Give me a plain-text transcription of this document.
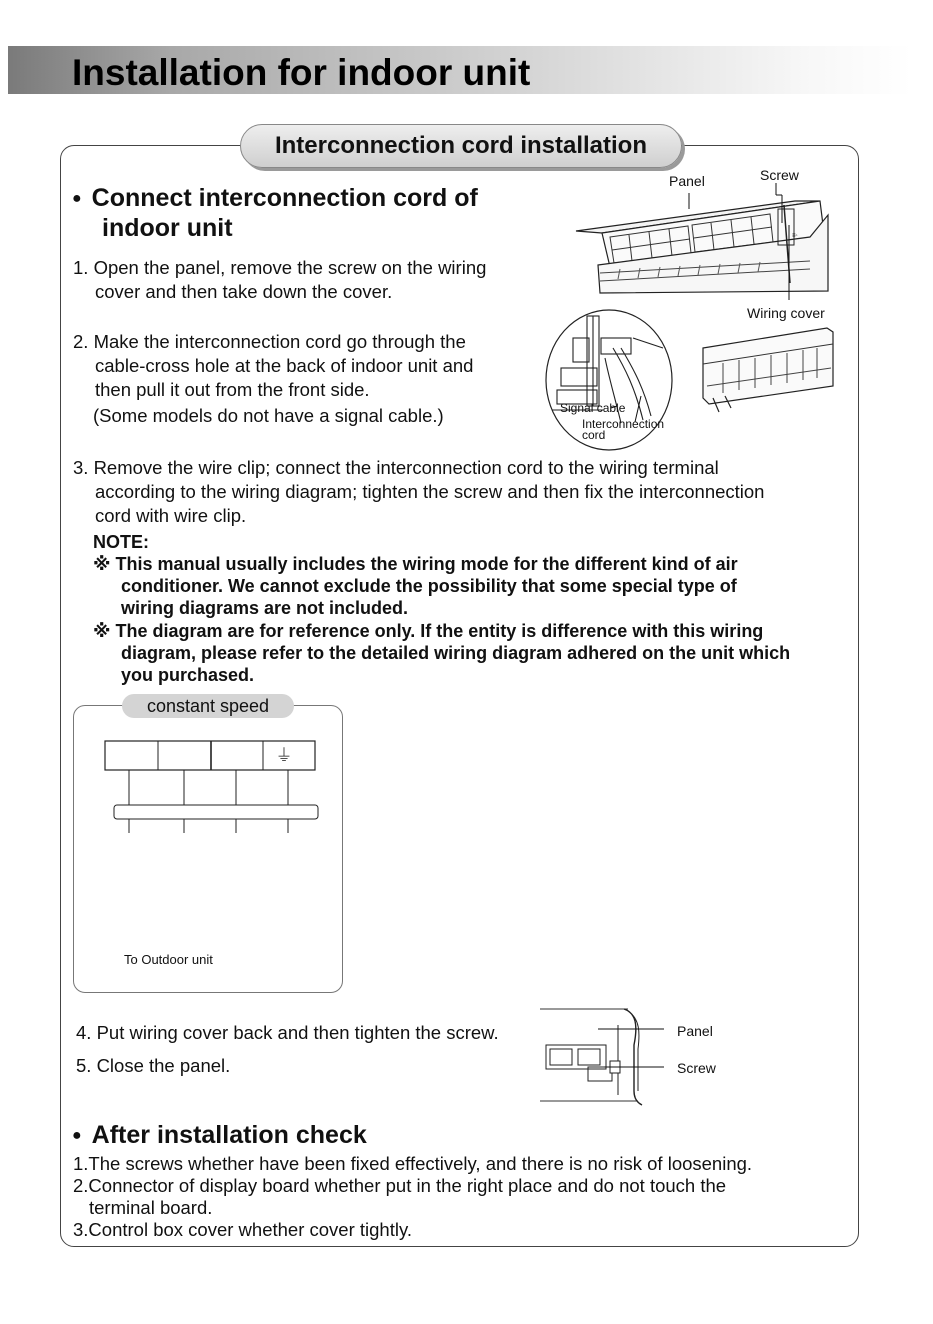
Installation for indoor unit
Interconnection cord installation
● Connect interconnection cord of
indoor unit
1. Open the panel, remove the screw on the wiring
cover and then take down the cover.
2. Make the interconnection cord go through the
cable-cross hole at the back of indoor unit and
then pull it out from the front side.
(Some models do not have a signal cable.)
≡◦
Panel	Screw
Wiring cover
Signal cable
Interconnection
cord
3. Remove the wire clip; connect the interconnection cord to the wiring terminal
according to the wiring diagram; tighten the screw and then fix the interconnection
cord with wire clip.
NOTE:
※ This manual usually includes the wiring mode for the different kind of air
conditioner. We cannot exclude the possibility that some special type of
wiring diagrams are not included.
※ The diagram are for reference only. If the entity is difference with this wiring
diagram, please refer to the detailed wiring diagram adhered on the unit which
you purchased.
constant speed
⏚
To Outdoor unit
4. Put wiring cover back and then tighten the screw.
5. Close the panel.
Panel
Screw
● After installation check
1.The screws whether have been fixed effectively, and there is no risk of loosening.
2.Connector of display board whether put in the right place and do not touch the
terminal board.
3.Control box cover whether cover tightly.
